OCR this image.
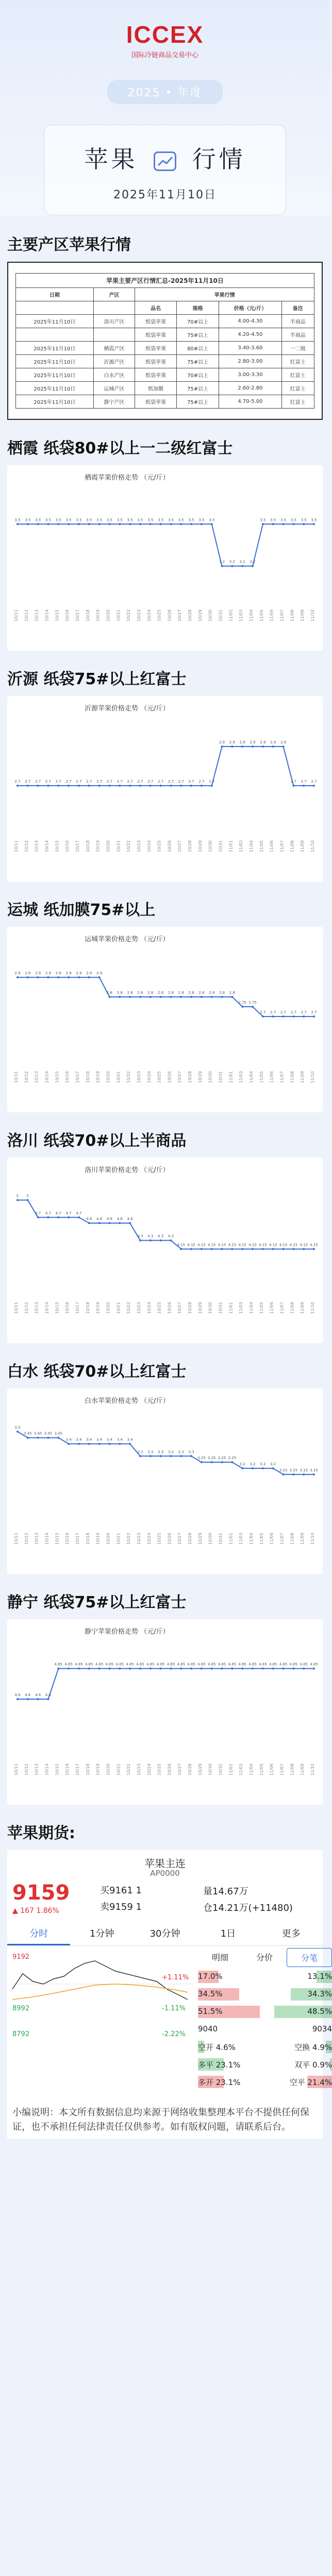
ICCEX
国际冷链商品交易中心
2025 • 年度
苹果 行情
2025年11月10日
主要产区苹果行情
苹果主要产区行情汇总-2025年11月10日					
日期	产区	苹果行情			
		品名	规格	价格（元/斤）	备注
2025年11月10日	洛川产区	纸袋苹果	70#以上	4.00-4.30	半商品
		纸袋苹果	75#以上	4.20-4.50	半商品
2025年11月10日	栖霞产区	纸袋苹果	80#以上	3.40-3.60	一二级
2025年11月10日	沂源产区	纸袋苹果	75#以上	2.80-3.00	红富士
2025年11月10日	白水产区	纸袋苹果	70#以上	3.00-3.30	红富士
2025年11月10日	运城产区	纸加膜	75#以上	2.60-2.80	红富士
2025年11月10日	静宁产区	纸袋苹果	75#以上	4.70-5.00	红富士
栖霞 纸袋80#以上一二级红富士
栖霞苹果价格走势 （元/斤）
3.5
10/11
3.5
10/12
3.5
10/13
3.5
10/14
3.5
10/15
3.5
10/16
3.5
10/17
3.5
10/18
3.5
10/19
3.5
10/20
3.5
10/21
3.5
10/22
3.5
10/23
3.5
10/24
3.5
10/25
3.5
10/26
3.5
10/27
3.5
10/28
3.5
10/29
3.5
10/30
3.2
10/31
3.2
11/01
3.2
11/03
3.2
11/04
3.5
11/05
3.5
11/06
3.5
11/07
3.5
11/08
3.5
11/09
3.5
11/10
沂源 纸袋75#以上红富士
沂源苹果价格走势 （元/斤）
2.7
10/11
2.7
10/12
2.7
10/13
2.7
10/14
2.7
10/15
2.7
10/16
2.7
10/17
2.7
10/18
2.7
10/19
2.7
10/20
2.7
10/21
2.7
10/22
2.7
10/23
2.7
10/24
2.7
10/25
2.7
10/26
2.7
10/27
2.7
10/28
2.7
10/29
2.7
10/30
2.9
10/31
2.9
11/01
2.9
11/03
2.9
11/04
2.9
11/05
2.9
11/06
2.9
11/07
2.7
11/08
2.7
11/09
2.7
11/10
运城 纸加膜75#以上
运城苹果价格走势 （元/斤）
2.9
10/11
2.9
10/12
2.9
10/13
2.9
10/14
2.9
10/15
2.9
10/16
2.9
10/17
2.9
10/18
2.9
10/19
2.8
10/20
2.8
10/21
2.8
10/22
2.8
10/23
2.8
10/24
2.8
10/25
2.8
10/26
2.8
10/27
2.8
10/28
2.8
10/29
2.8
10/30
2.8
10/31
2.8
11/01
2.75
11/03
2.75
11/04
2.7
11/05
2.7
11/06
2.7
11/07
2.7
11/08
2.7
11/09
2.7
11/10
洛川 纸袋70#以上半商品
洛川苹果价格走势 （元/斤）
5
10/11
5
10/12
4.7
10/13
4.7
10/14
4.7
10/15
4.7
10/16
4.7
10/17
4.6
10/18
4.6
10/19
4.6
10/20
4.6
10/21
4.6
10/22
4.3
10/23
4.3
10/24
4.3
10/25
4.3
10/26
4.15
10/27
4.15
10/28
4.15
10/29
4.15
10/30
4.15
10/31
4.15
11/01
4.15
11/03
4.15
11/04
4.15
11/05
4.15
11/06
4.15
11/07
4.15
11/08
4.15
11/09
4.15
11/10
白水 纸袋70#以上红富士
白水苹果价格走势 （元/斤）
3.5
10/11
3.45
10/12
3.45
10/13
3.45
10/14
3.45
10/15
3.4
10/16
3.4
10/17
3.4
10/18
3.4
10/19
3.4
10/20
3.4
10/21
3.4
10/22
3.3
10/23
3.3
10/24
3.3
10/25
3.3
10/26
3.3
10/27
3.3
10/28
3.25
10/29
3.25
10/30
3.25
10/31
3.25
11/01
3.2
11/03
3.2
11/04
3.2
11/05
3.2
11/06
3.15
11/07
3.15
11/08
3.15
11/09
3.15
11/10
静宁 纸袋75#以上红富士
静宁苹果价格走势 （元/斤）
4.6
10/11
4.6
10/12
4.6
10/13
4.6
10/14
4.85
10/15
4.85
10/16
4.85
10/17
4.85
10/18
4.85
10/19
4.85
10/20
4.85
10/21
4.85
10/22
4.85
10/23
4.85
10/24
4.85
10/25
4.85
10/26
4.85
10/27
4.85
10/28
4.85
10/29
4.85
10/30
4.85
10/31
4.85
11/01
4.85
11/03
4.85
11/04
4.85
11/05
4.85
11/06
4.85
11/07
4.85
11/08
4.85
11/09
4.85
11/10
苹果期货:
苹果主连
AP0000
9159
▲ 167 1.86%
买9161 1
卖9159 1
量14.67万
仓14.21万(+11480)
分时	1分钟	30分钟	1日	更多
9192
+1.11%
8992	-1.11%
8792	-2.22%
明细	分价	分笔
17.0%	13.1%
34.5%	34.3%
51.5%	48.5%
9040	9034
空开 4.6%	空换 4.9%
多平 23.1%	双平 0.9%
多开 23.1%	空平 21.4%
小编说明：本文所有数据信息均来源于网络收集整理本平台不提供任何保证，也不承担任何法律责任仅供参考。如有版权问题，请联系后台。
